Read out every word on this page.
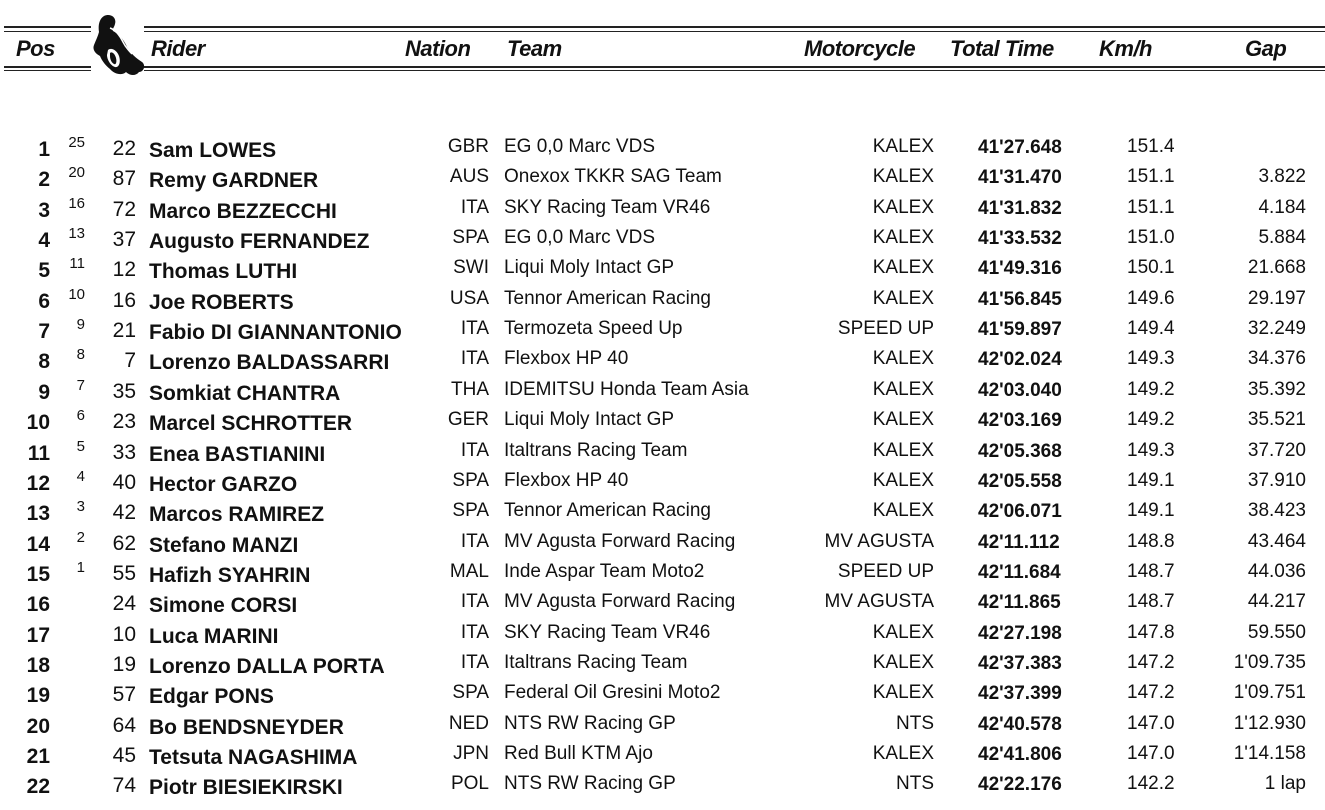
Pos	Rider	Nation Team	Motorcycle Total Time Km/h	Gap
1 25 22 Sam LOWES	GBR EG 0,0 Marc VDS	KALEX 41'27.648	151.4
2 20 87 Remy GARDNER	AUS Onexox TKKR SAG Team	KALEX 41'31.470	151.1	3.822
3 16 72 Marco BEZZECCHI	ITA SKY Racing Team VR46	KALEX 41'31.832	151.1	4.184
4 13 37 Augusto FERNANDEZ	SPA EG 0,0 Marc VDS	KALEX 41'33.532	151.0	5.884
5 11 12 Thomas LUTHI	SWI Liqui Moly Intact GP	KALEX 41'49.316	150.1	21.668
6 10 16 Joe ROBERTS	USA Tennor American Racing	KALEX 41'56.845	149.6	29.197
7 9 21 Fabio DI GIANNANTONIO	ITA Termozeta Speed Up	SPEED UP 41'59.897	149.4	32.249
8 8 7 Lorenzo BALDASSARRI	ITA Flexbox HP 40	KALEX 42'02.024	149.3	34.376
9 7 35 Somkiat CHANTRA	THA IDEMITSU Honda Team Asia	KALEX 42'03.040	149.2	35.392
10 6 23 Marcel SCHROTTER	GER Liqui Moly Intact GP	KALEX 42'03.169	149.2	35.521
11 5 33 Enea BASTIANINI	ITA Italtrans Racing Team	KALEX 42'05.368	149.3	37.720
12 4 40 Hector GARZO	SPA Flexbox HP 40	KALEX 42'05.558	149.1	37.910
13 3 42 Marcos RAMIREZ	SPA Tennor American Racing	KALEX 42'06.071	149.1	38.423
14 2 62 Stefano MANZI	ITA MV Agusta Forward Racing	MV AGUSTA 42'11.112	148.8	43.464
15 1 55 Hafizh SYAHRIN	MAL Inde Aspar Team Moto2	SPEED UP 42'11.684	148.7	44.036
16	24 Simone CORSI	ITA MV Agusta Forward Racing	MV AGUSTA 42'11.865	148.7	44.217
17	10 Luca MARINI	ITA SKY Racing Team VR46	KALEX 42'27.198	147.8	59.550
18	19 Lorenzo DALLA PORTA	ITA Italtrans Racing Team	KALEX 42'37.383	147.2	1'09.735
19	57 Edgar PONS	SPA Federal Oil Gresini Moto2	KALEX 42'37.399	147.2	1'09.751
20	64 Bo BENDSNEYDER	NED NTS RW Racing GP	NTS 42'40.578	147.0	1'12.930
21	45 Tetsuta NAGASHIMA	JPN Red Bull KTM Ajo	KALEX 42'41.806	147.0	1'14.158
22	74 Piotr BIESIEKIRSKI	POL NTS RW Racing GP	NTS 42'22.176	142.2	1 lap
